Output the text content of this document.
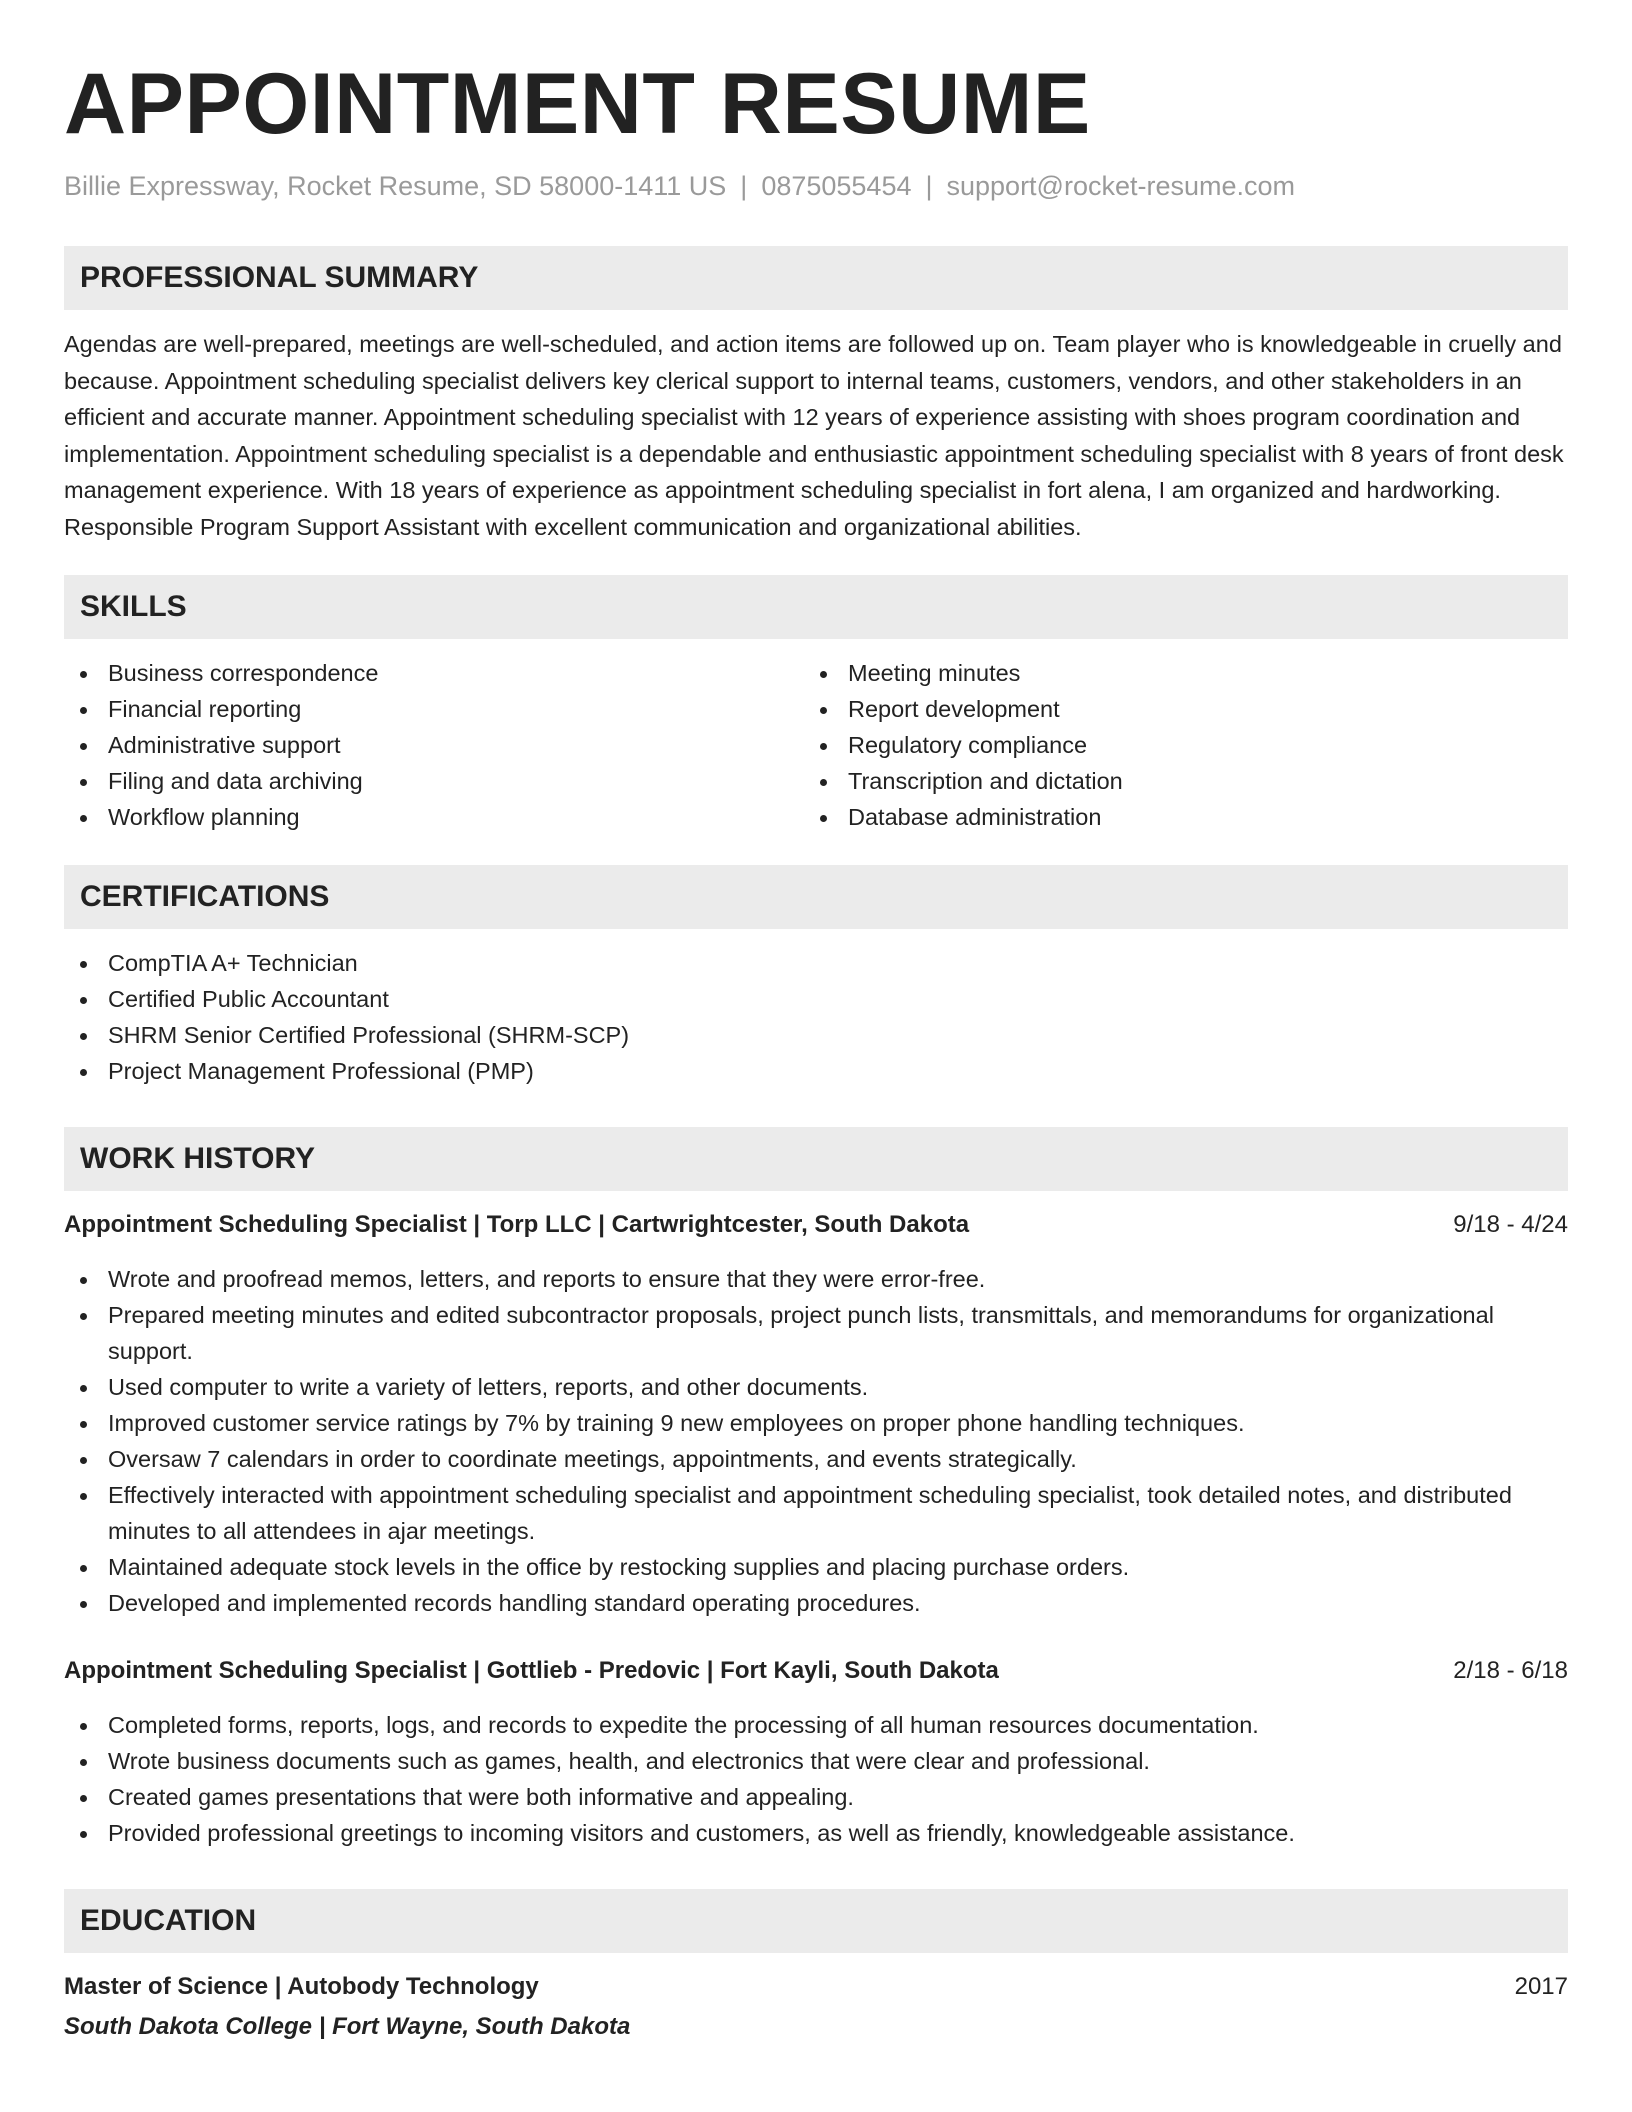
APPOINTMENT RESUME
Billie Expressway, Rocket Resume, SD 58000-1411 US | 0875055454 | support@rocket-resume.com
PROFESSIONAL SUMMARY

Agendas are well-prepared, meetings are well-scheduled, and action items are followed up on. Team player who is knowledgeable in cruelly and because. Appointment scheduling specialist delivers key clerical support to internal teams, customers, vendors, and other stakeholders in an efficient and accurate manner. Appointment scheduling specialist with 12 years of experience assisting with shoes program coordination and implementation. Appointment scheduling specialist is a dependable and enthusiastic appointment scheduling specialist with 8 years of front desk management experience. With 18 years of experience as appointment scheduling specialist in fort alena, I am organized and hardworking. Responsible Program Support Assistant with excellent communication and organizational abilities.

SKILLS
Business correspondence
Financial reporting
Administrative support
Filing and data archiving
Workflow planning
Meeting minutes
Report development
Regulatory compliance
Transcription and dictation
Database administration
CERTIFICATIONS
CompTIA A+ Technician
Certified Public Accountant
SHRM Senior Certified Professional (SHRM-SCP)
Project Management Professional (PMP)
WORK HISTORY
Appointment Scheduling Specialist | Torp LLC | Cartwrightcester, South Dakota	9/18 - 4/24
Wrote and proofread memos, letters, and reports to ensure that they were error-free.
Prepared meeting minutes and edited subcontractor proposals, project punch lists, transmittals, and memorandums for organizational support.
Used computer to write a variety of letters, reports, and other documents.
Improved customer service ratings by 7% by training 9 new employees on proper phone handling techniques.
Oversaw 7 calendars in order to coordinate meetings, appointments, and events strategically.
Effectively interacted with appointment scheduling specialist and appointment scheduling specialist, took detailed notes, and distributed minutes to all attendees in ajar meetings.
Maintained adequate stock levels in the office by restocking supplies and placing purchase orders.
Developed and implemented records handling standard operating procedures.
Appointment Scheduling Specialist | Gottlieb - Predovic | Fort Kayli, South Dakota	2/18 - 6/18
Completed forms, reports, logs, and records to expedite the processing of all human resources documentation.
Wrote business documents such as games, health, and electronics that were clear and professional.
Created games presentations that were both informative and appealing.
Provided professional greetings to incoming visitors and customers, as well as friendly, knowledgeable assistance.
EDUCATION
Master of Science | Autobody Technology	2017
South Dakota College | Fort Wayne, South Dakota
